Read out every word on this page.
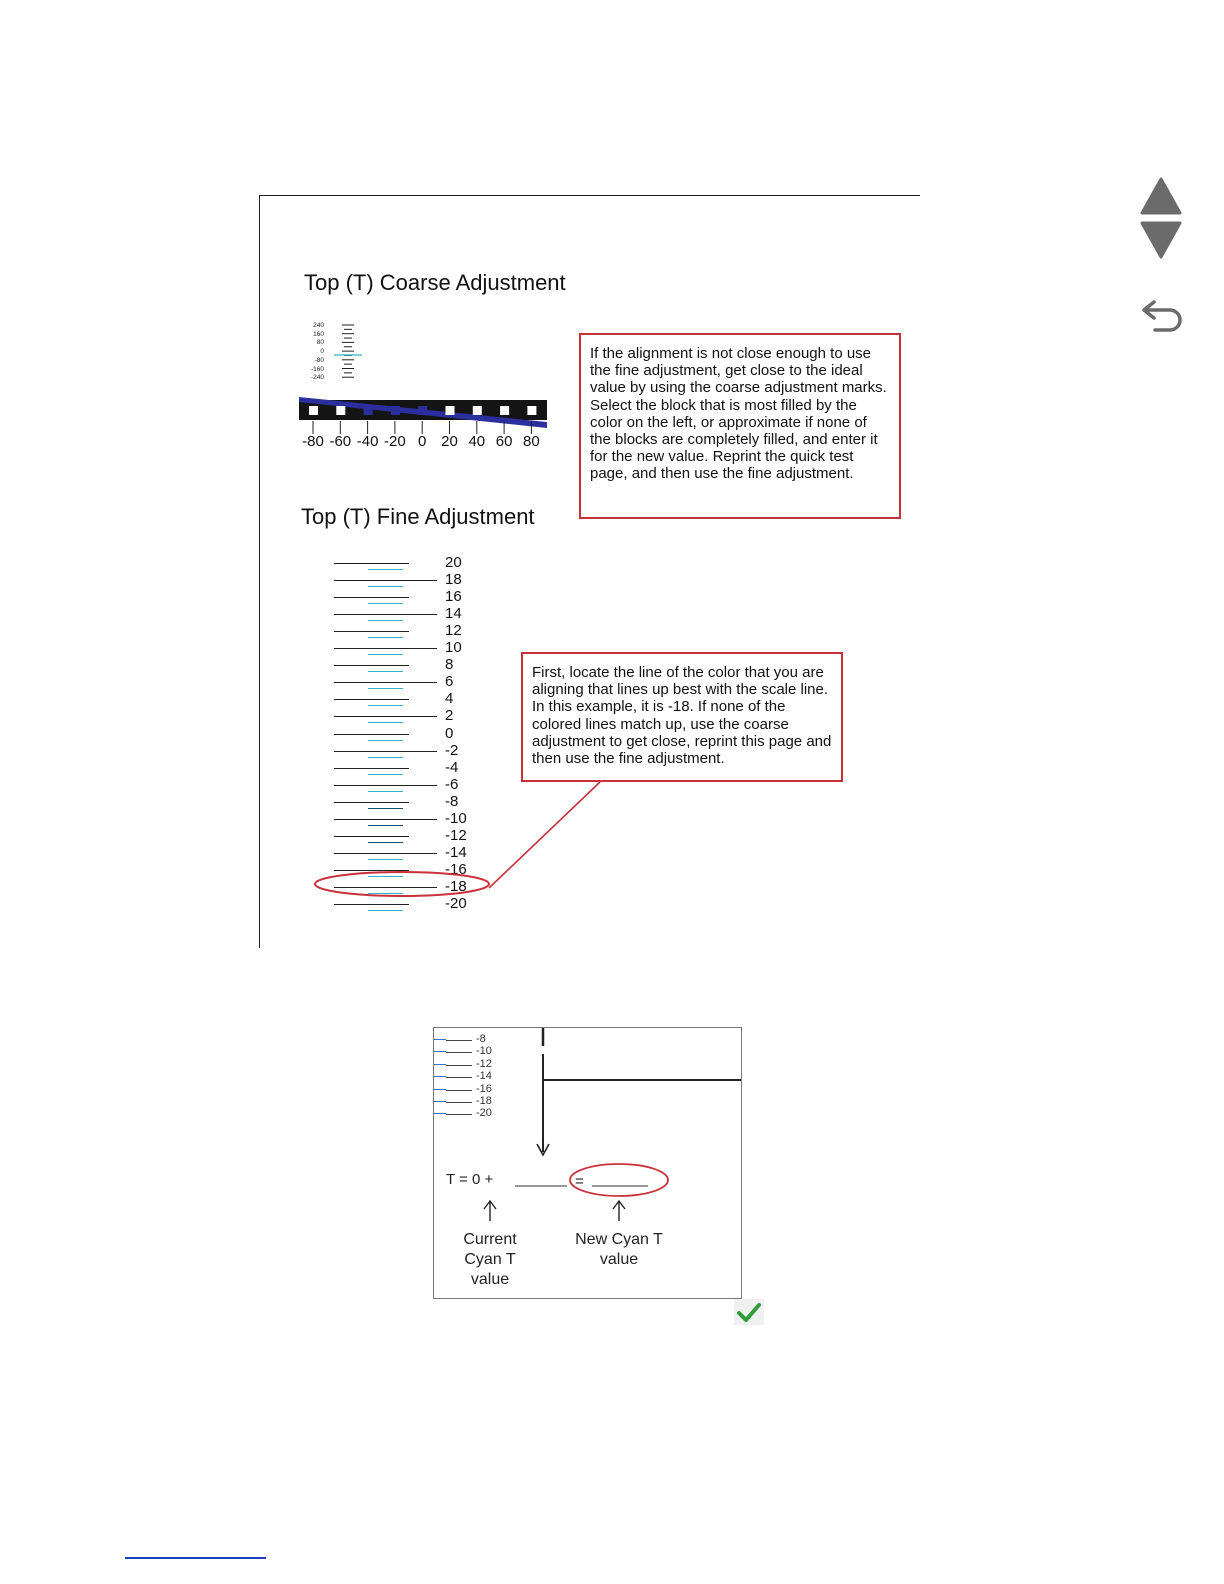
Top (T) Coarse Adjustment
240
160
80
0
-80
-160
-240
-80 -60 -40 -20 0 20 40 60 80
If the alignment is not close enough to use the fine adjustment, get close to the ideal value by using the coarse adjustment marks. Select the block that is most filled by the color on the left, or approximate if none of the blocks are completely filled, and enter it for the new value. Reprint the quick test page, and then use the fine adjustment.
Top (T) Fine Adjustment
20
18
16
14
12
10
8
6
4
2
0
-2
-4
-6
-8
-10
-12
-14
-16
-18
-20
First, locate the line of the color that you are aligning that lines up best with the scale line. In this example, it is -18. If none of the colored lines match up, use the coarse adjustment to get close, reprint this page and then use the fine adjustment.
-8
-10
-12
-14
-16
-18
-20
T = 0 +	=
Current Cyan T value
New Cyan T value
